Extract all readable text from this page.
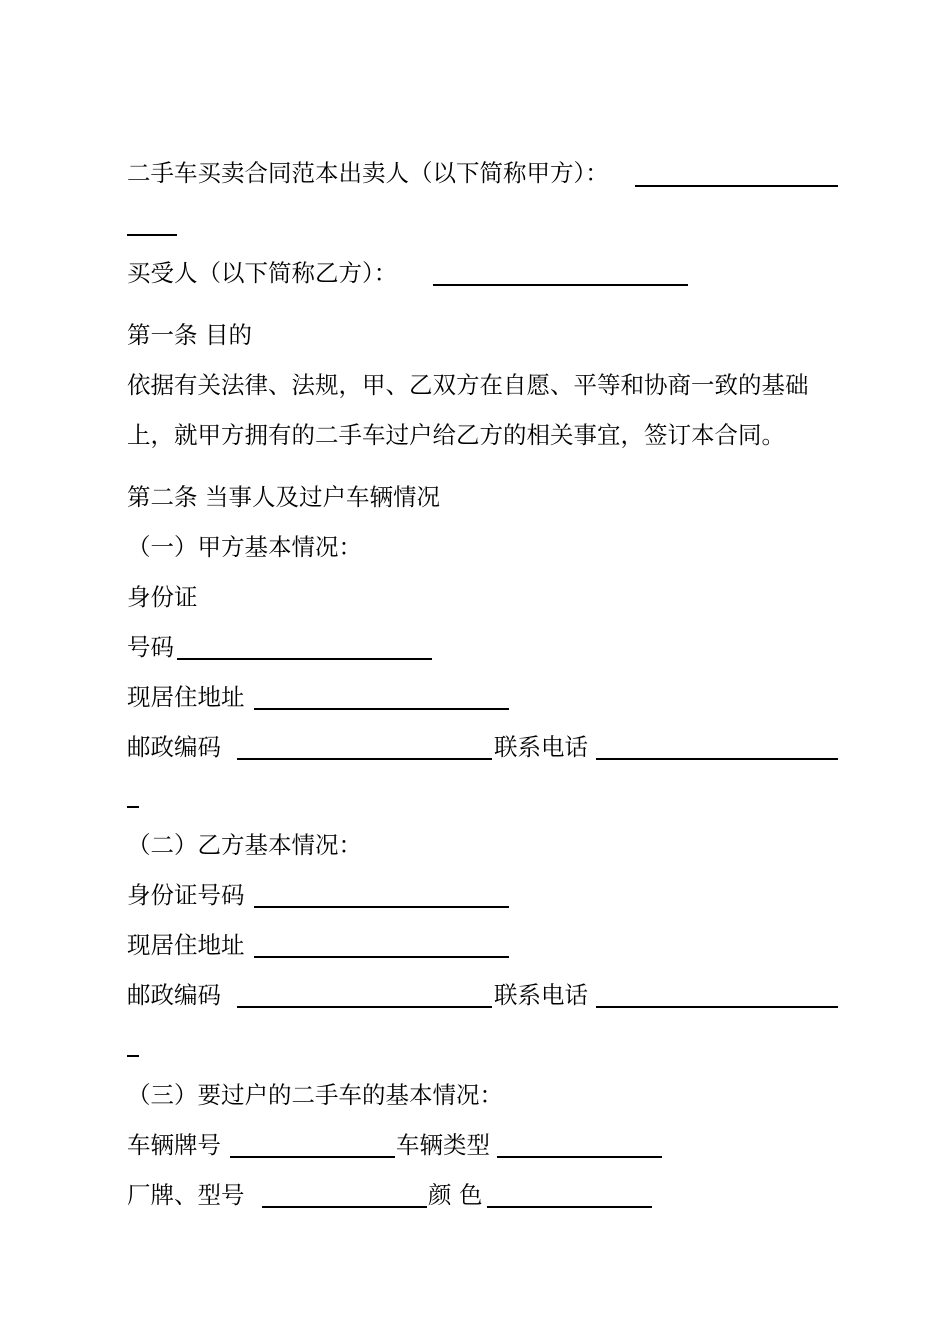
二手车买卖合同范本出卖人（以下简称甲方）：
买受人（以下简称乙方）：
第一条 目的
依据有关法律、法规，甲、乙双方在自愿、平等和协商一致的基础
上，就甲方拥有的二手车过户给乙方的相关事宜，签订本合同。
第二条 当事人及过户车辆情况
（一）甲方基本情况：
身份证
号码
现居住地址
邮政编码	联系电话
（二）乙方基本情况：
身份证号码
现居住地址
邮政编码	联系电话
（三）要过户的二手车的基本情况：
车辆牌号	车辆类型
厂牌、型号	颜 色
